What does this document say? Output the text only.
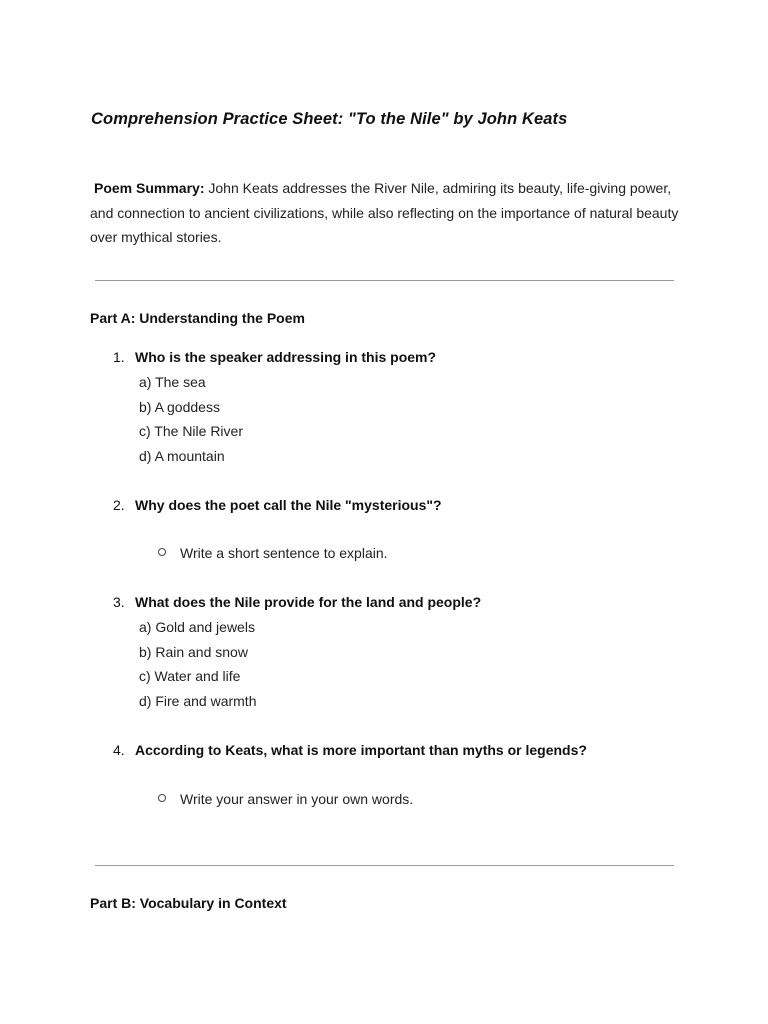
Comprehension Practice Sheet: "To the Nile" by John Keats
Poem Summary: John Keats addresses the River Nile, admiring its beauty, life-giving power, and connection to ancient civilizations, while also reflecting on the importance of natural beauty over mythical stories.
Part A: Understanding the Poem
1. Who is the speaker addressing in this poem?
a) The sea
b) A goddess
c) The Nile River
d) A mountain
2. Why does the poet call the Nile "mysterious"?
Write a short sentence to explain.
3. What does the Nile provide for the land and people?
a) Gold and jewels
b) Rain and snow
c) Water and life
d) Fire and warmth
4. According to Keats, what is more important than myths or legends?
Write your answer in your own words.
Part B: Vocabulary in Context
